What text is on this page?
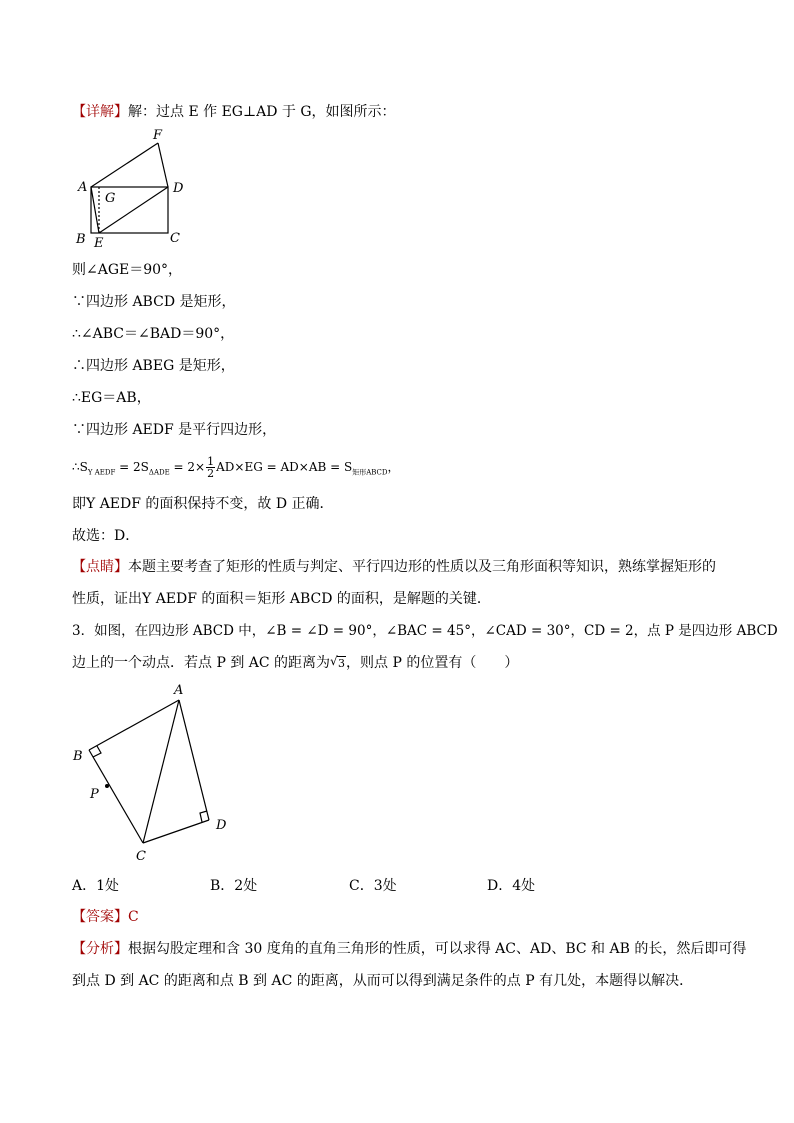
【详解】解：过点 E 作 EG⊥AD 于 G，如图所示：
F
A
G
D
B E	C
则∠AGE＝90°，
∵四边形 ABCD 是矩形，
∴∠ABC＝∠BAD＝90°，
∴四边形 ABEG 是矩形，
∴EG＝AB，
∵四边形 AEDF 是平行四边形，
$\therefore S_{Y AEDF} = 2S_{\Delta ADE} = 2\times \frac{1}{2} AD\times EG = AD\times AB = S_{矩形ABCD}$，
即Y AEDF 的面积保持不变，故 D 正确．
故选：D．
【点睛】本题主要考查了矩形的性质与判定、平行四边形的性质以及三角形面积等知识，熟练掌握矩形的
性质，证出Y AEDF 的面积＝矩形 ABCD 的面积，是解题的关键．
3．如图，在四边形 ABCD 中，∠B = ∠D = 90°，∠BAC = 45°，∠CAD = 30°，CD = 2，点 P 是四边形 ABCD
边上的一个动点．若点 P 到 AC 的距离为 √ 3，则点 P 的位置有（　　）
A
B
P
D
C
A．1处	B．2处	C．3处	D．4处
【答案】C
【分析】根据勾股定理和含 30 度角的直角三角形的性质，可以求得 AC、AD、BC 和 AB 的长，然后即可得
到点 D 到 AC 的距离和点 B 到 AC 的距离，从而可以得到满足条件的点 P 有几处，本题得以解决．
